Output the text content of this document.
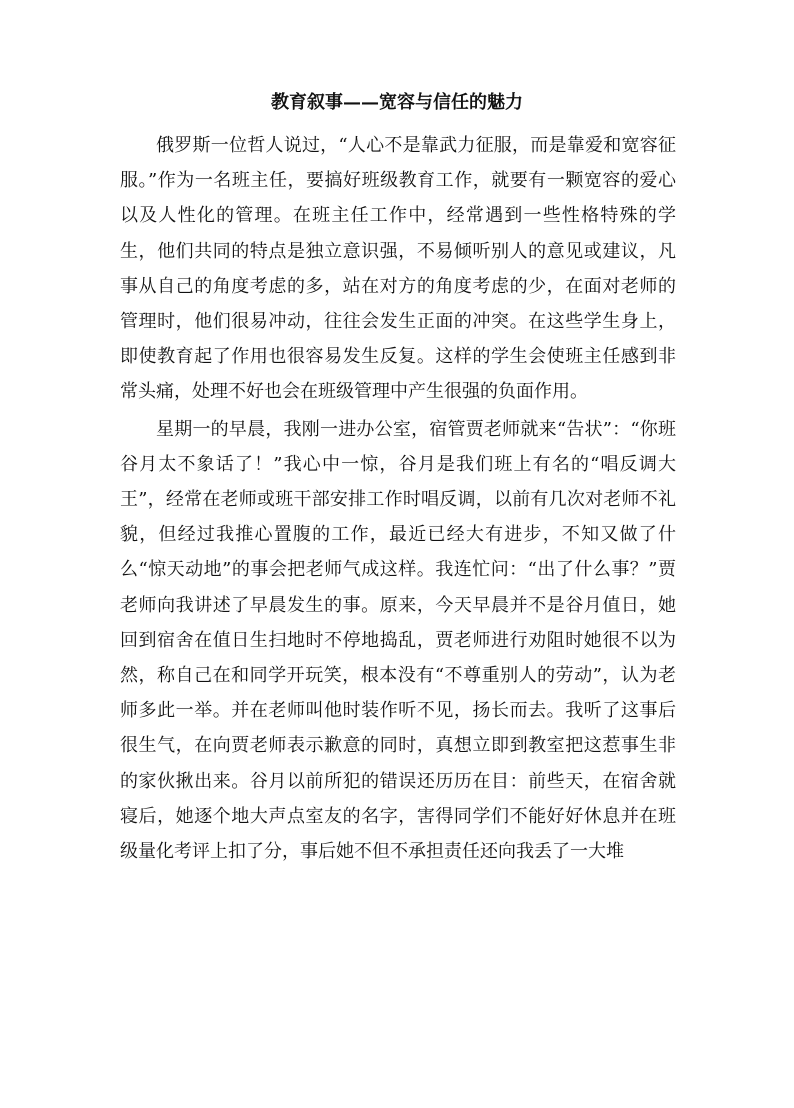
教育叙事——宽容与信任的魅力

俄罗斯一位哲人说过，“人心不是靠武力征服，而是靠爱和宽容征服。”作为一名班主任，要搞好班级教育工作，就要有一颗宽容的爱心以及人性化的管理。在班主任工作中，经常遇到一些性格特殊的学生，他们共同的特点是独立意识强，不易倾听别人的意见或建议，凡事从自己的角度考虑的多，站在对方的角度考虑的少，在面对老师的管理时，他们很易冲动，往往会发生正面的冲突。在这些学生身上，即使教育起了作用也很容易发生反复。这样的学生会使班主任感到非常头痛，处理不好也会在班级管理中产生很强的负面作用。

星期一的早晨，我刚一进办公室，宿管贾老师就来“告状”：“你班谷月太不象话了！”我心中一惊，谷月是我们班上有名的“唱反调大王”，经常在老师或班干部安排工作时唱反调，以前有几次对老师不礼貌，但经过我推心置腹的工作，最近已经大有进步，不知又做了什么“惊天动地”的事会把老师气成这样。我连忙问：“出了什么事？”贾老师向我讲述了早晨发生的事。原来，今天早晨并不是谷月值日，她回到宿舍在值日生扫地时不停地捣乱，贾老师进行劝阻时她很不以为然，称自己在和同学开玩笑，根本没有“不尊重别人的劳动”，认为老师多此一举。并在老师叫他时装作听不见，扬长而去。我听了这事后很生气，在向贾老师表示歉意的同时，真想立即到教室把这惹事生非的家伙揪出来。谷月以前所犯的错误还历历在目：前些天，在宿舍就寝后，她逐个地大声点室友的名字，害得同学们不能好好休息并在班级量化考评上扣了分，事后她不但不承担责任还向我丢了一大堆
